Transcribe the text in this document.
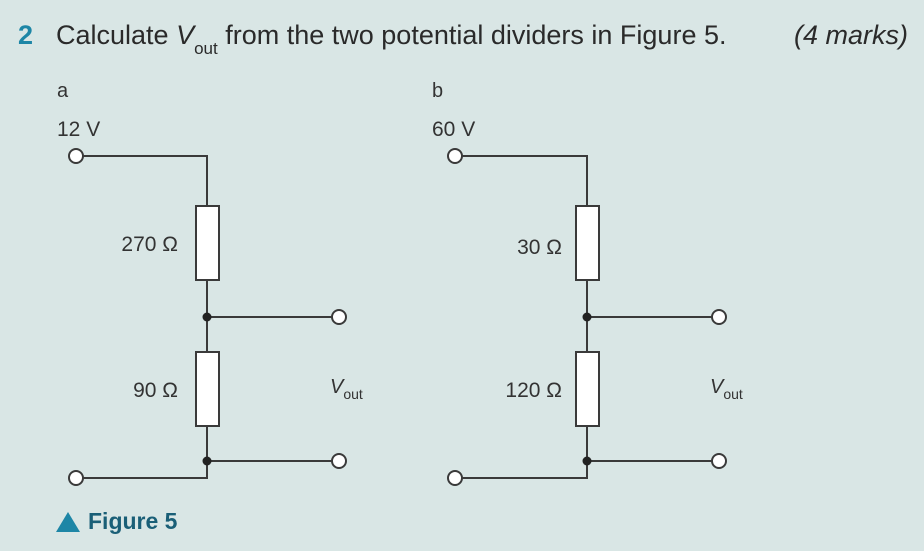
2 Calculate $V_{out}$ from the two potential dividers in Figure 5.	(4 marks)
a
12 V
270 Ω
90 Ω	$V_{out}$
b
60 V
30 Ω
120 Ω	$V_{out}$
Figure 5
